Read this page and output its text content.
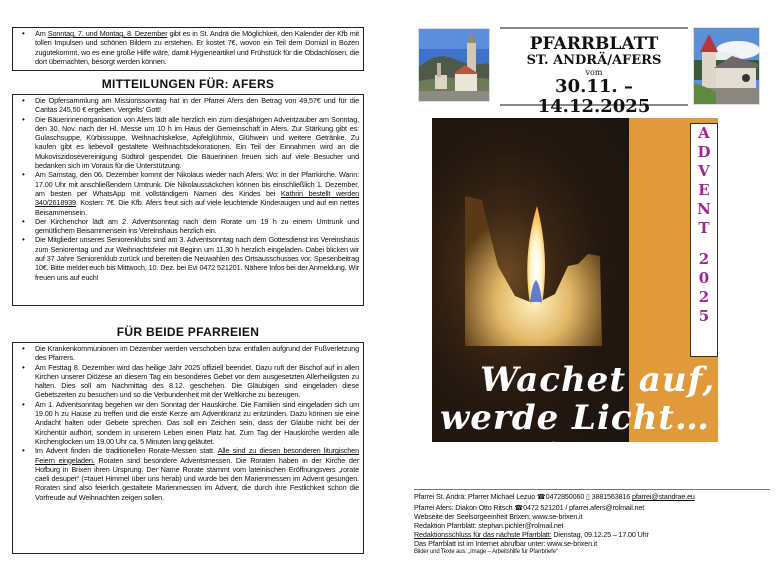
• Am Sonntag, 7. und Montag, 8. Dezember gibt es in St. Andrä die Möglichkeit, den Kalender der Kfb mit tollen Impulsen und schönen Bildern zu erstehen. Er kostet 7€, wovon ein Teil dem Domizil in Bozen zugutekommt, wo es eine große Hilfe wäre, damit Hygieneartikel und Frühstück für die Obdachlosen, die dort übernachten, besorgt werden können.
MITTEILUNGEN FÜR: AFERS
• Die Opfersammlung am Missionssonntag hat in der Pfarrei Afers den Betrag von 49,57€ und für die Caritas 245,50 € ergeben. Vergelts' Gott!
• Die Bäuerinnenorganisation von Afers lädt alle herzlich ein zum diesjährigen Adventzauber am Sonntag, den 30. Nov. nach der Hl. Messe um 10 h im Haus der Gemeinschaft in Afers. Zur Stärkung gibt es: Gulaschsuppe, Kürbissuppe, Weihnachtskekse, Apfelglühmix, Glühwein und weitere Getränke. Zu kaufen gibt es liebevoll gestaltete Weihnachtsdekorationen. Ein Teil der Einnahmen wird an die Mukoviszidosevereinigung Südtirol gespendet. Die Bäuerinnen freuen sich auf viele Besucher und bedanken sich im Voraus für die Unterstützung.
• Am Samstag, den 06. Dezember kommt der Nikolaus wieder nach Afers. Wo: in der Pfarrkirche. Wann: 17.00 Uhr mit anschließendem Umtrunk. Die Nikolaussäckchen können bis einschließlich 1. Dezember, am besten per WhatsApp mit vollständigem Namen des Kindes bei Kathrin bestellt werden 340/2618939. Kosten: 7€. Die Kfb. Afers freut sich auf viele leuchtende Kinderaugen und auf ein nettes Beisammensein.
• Der Kirchenchor lädt am 2. Adventsonntag nach dem Rorate um 19 h zu einem Umtrunk und gemütlichem Beisammensein ins Vereinshaus herzlich ein.
• Die Mitglieder unseres Seniorenklubs sind am 3. Adventsonntag nach dem Gottesdienst ins Vereinshaus zum Seniorentag und zur Weihnachtsfeier mit Beginn um 11,30 h herzlich eingeladen. Dabei blicken wir auf 37 Jahre Seniorenklub zurück und bereiten die Neuwahlen des Ortsausschusses vor. Spesenbeitrag 10€. Bitte meldet euch bis Mittwoch, 10. Dez. bei Evi 0472 521201. Nähere Infos bei der Anmeldung. Wir freuen uns auf euch!
FÜR BEIDE PFARREIEN
• Die Krankenkommunionen im Dezember werden verschoben bzw. entfallen aufgrund der Fußverletzung des Pfarrers.
• Am Festtag 8. Dezember wird das heilige Jahr 2025 offiziell beendet. Dazu ruft der Bischof auf in allen Kirchen unserer Diözese an diesem Tag ein besonderes Gebet vor dem ausgesetzten Allerheiligsten zu halten. Dies soll am Nachmittag des 8.12. geschehen. Die Gläubigen sind eingeladen diese Gebetszeiten zu besuchen und so die Verbundenheit mit der Weltkirche zu bezeugen.
• Am 1. Adventsonntag begehen wir den Sonntag der Hauskirche. Die Familien sind eingeladen sich um 19.00 h zu Hause zu treffen und die erste Kerze am Adventkranz zu entzünden. Dazu können sie eine Andacht halten oder Gebete sprechen. Das soll ein Zeichen sein, dass der Glaube nicht bei der Kirchentür aufhört, sondern in unserem Leben einen Platz hat. Zum Tag der Hauskirche werden alle Kirchenglocken um 19.00 Uhr ca. 5 Minuten lang geläutet.
• Im Advent finden die traditionellen Rorate-Messen statt. Alle sind zu diesen besonderen liturgischen Feiern eingeladen. Roraten sind besondere Adventsmessen. Die Roraten haben in der Kirche der Hofburg in Brixen ihren Ursprung. Der Name Rorate stammt vom lateinischen Eröffnungsvers „rorate caeli desuper“ (=tauet Himmel über uns herab) und wurde bei den Marienmessen im Advent gesungen. Roraten sind also feierlich gestaltete Marienmessen im Advent, die durch ihre Festlichkeit schon die Vorfreude auf Weihnachten zeigen sollen.
PFARRBLATT
ST. ANDRÄ/AFERS
vom
30.11. – 14.12.2025
A
D
V
E
N
T
2
0
2
5
Wachet auf,
werde Licht…
Jesaja 60, 1-2
Pfarrei St. Andrä: Pfarrer Michael Lezuo ☎0472850060 ▯ 3881563816 pfarrei@standrae.eu
Pfarrei Afers: Diakon Otto Ritsch ☎0472 521201 / pfarrei.afers@rolmail.net
Webseite der Seelsorgeeinheit Brixen: www.se-brixen.it
Redaktion Pfarrblatt: stephan.pichler@rolmail.net
Redaktionsschluss für das nächste Pfarrblatt: Dienstag, 09.12.25 – 17.00 Uhr
Das Pfarrblatt ist im Internet abrufbar unter: www.se-brixen.it
Bilder und Texte aus: „Image – Arbeitshilfe für Pfarrbriefe“
